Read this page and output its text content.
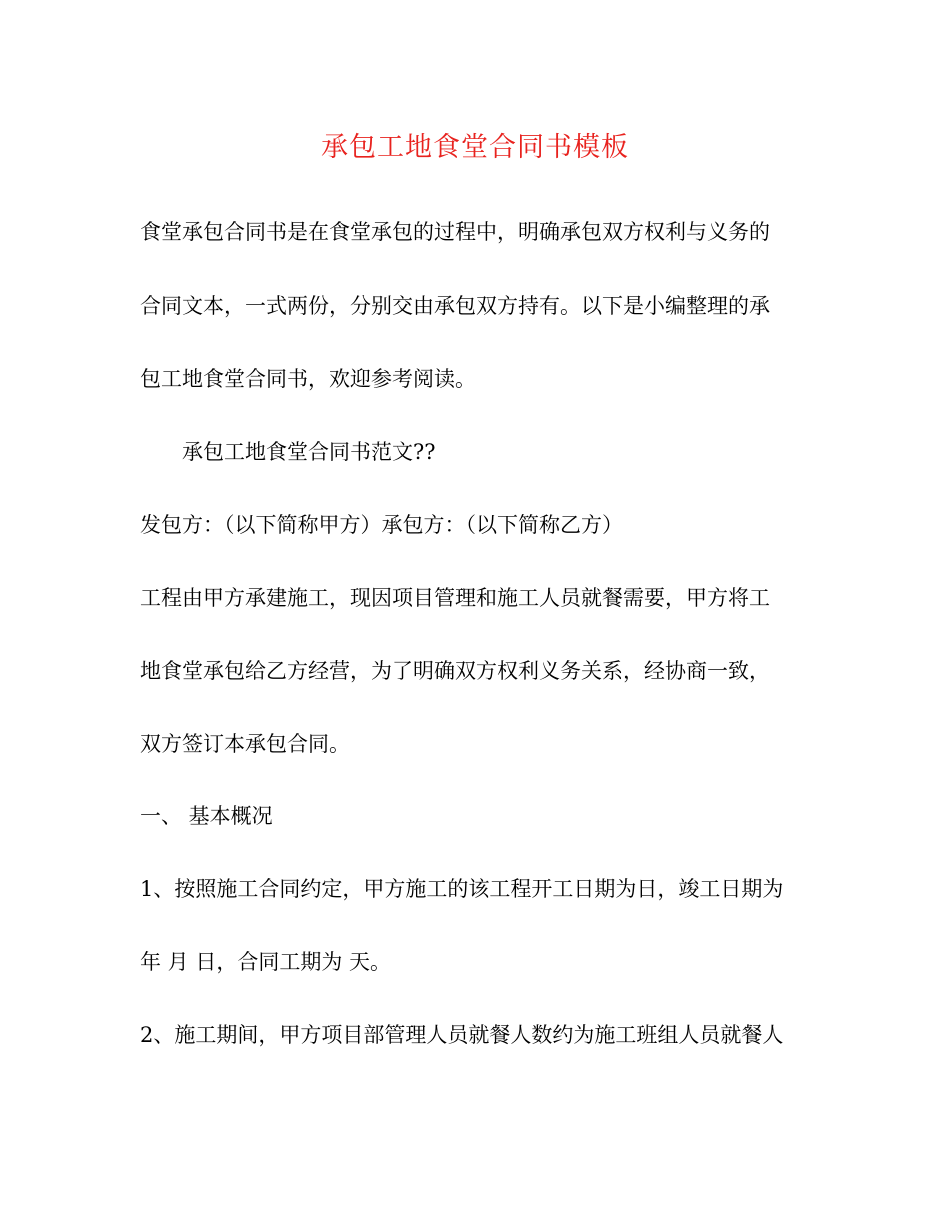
承包工地食堂合同书模板
食堂承包合同书是在食堂承包的过程中，明确承包双方权利与义务的
合同文本，一式两份，分别交由承包双方持有。以下是小编整理的承
包工地食堂合同书，欢迎参考阅读。
承包工地食堂合同书范文??
发包方：（以下简称甲方）承包方：（以下简称乙方）
工程由甲方承建施工，现因项目管理和施工人员就餐需要，甲方将工
地食堂承包给乙方经营，为了明确双方权利义务关系，经协商一致，
双方签订本承包合同。
一、 基本概况
1、按照施工合同约定，甲方施工的该工程开工日期为日，竣工日期为
年 月 日，合同工期为 天。
2、施工期间，甲方项目部管理人员就餐人数约为施工班组人员就餐人
